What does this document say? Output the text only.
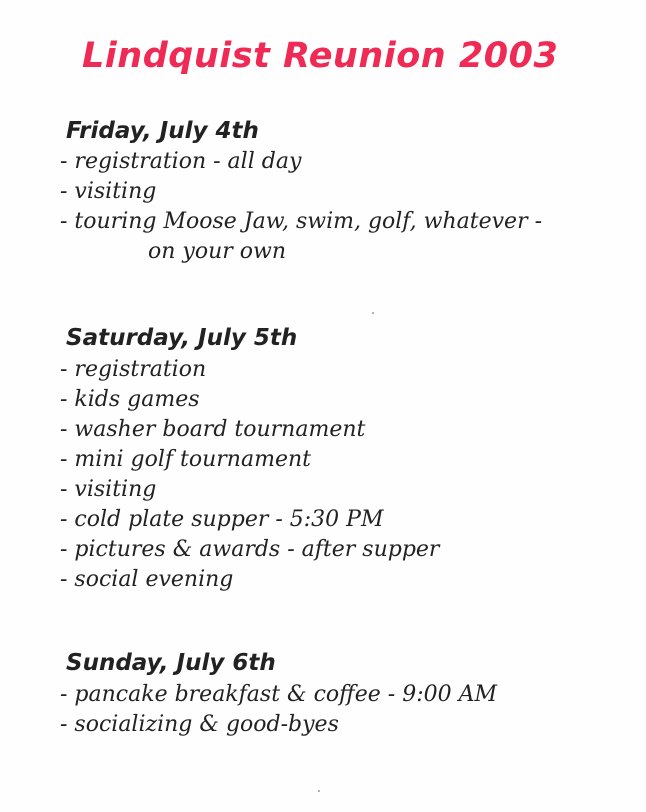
Lindquist Reunion 2003
Friday, July 4th
- registration - all day
- visiting
- touring Moose Jaw, swim, golf, whatever -
on your own
Saturday, July 5th
- registration
- kids games
- washer board tournament
- mini golf tournament
- visiting
- cold plate supper - 5:30 PM
- pictures & awards - after supper
- social evening
Sunday, July 6th
- pancake breakfast & coffee - 9:00 AM
- socializing & good-byes
